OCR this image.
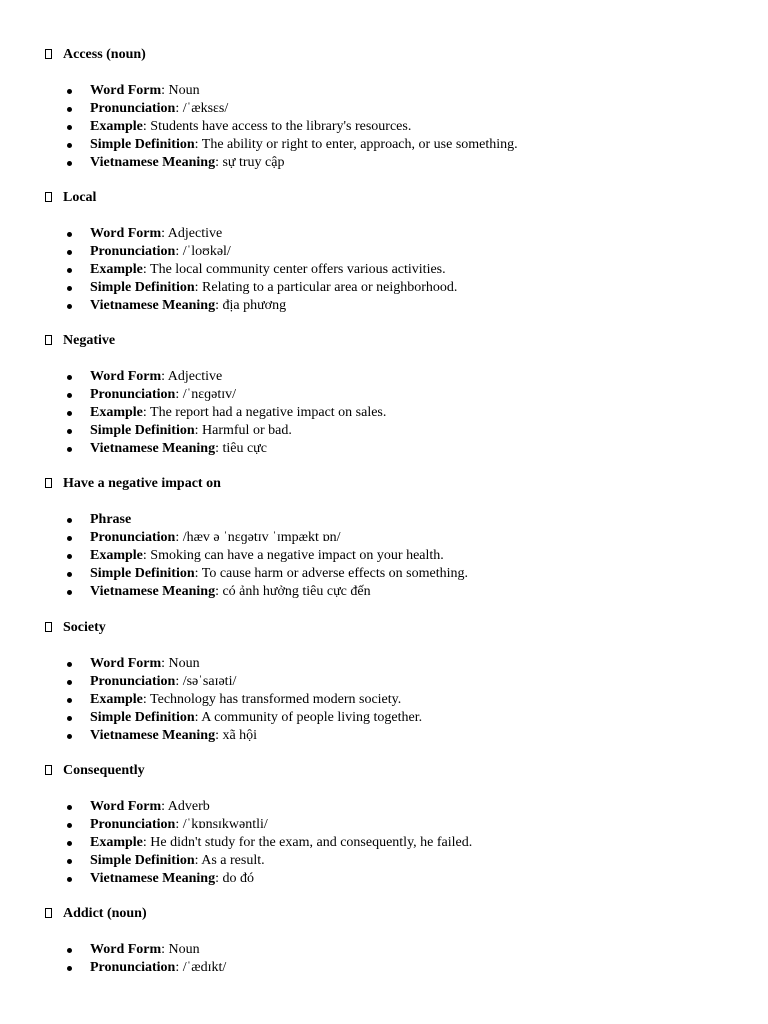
Access (noun)
Word Form: Noun
Pronunciation: /ˈæksɛs/
Example: Students have access to the library's resources.
Simple Definition: The ability or right to enter, approach, or use something.
Vietnamese Meaning: sự truy cập
Local
Word Form: Adjective
Pronunciation: /ˈloʊkəl/
Example: The local community center offers various activities.
Simple Definition: Relating to a particular area or neighborhood.
Vietnamese Meaning: địa phương
Negative
Word Form: Adjective
Pronunciation: /ˈnɛɡətɪv/
Example: The report had a negative impact on sales.
Simple Definition: Harmful or bad.
Vietnamese Meaning: tiêu cực
Have a negative impact on
Phrase
Pronunciation: /hæv ə ˈnɛɡətɪv ˈɪmpækt ɒn/
Example: Smoking can have a negative impact on your health.
Simple Definition: To cause harm or adverse effects on something.
Vietnamese Meaning: có ảnh hưởng tiêu cực đến
Society
Word Form: Noun
Pronunciation: /səˈsaɪəti/
Example: Technology has transformed modern society.
Simple Definition: A community of people living together.
Vietnamese Meaning: xã hội
Consequently
Word Form: Adverb
Pronunciation: /ˈkɒnsɪkwəntli/
Example: He didn't study for the exam, and consequently, he failed.
Simple Definition: As a result.
Vietnamese Meaning: do đó
Addict (noun)
Word Form: Noun
Pronunciation: /ˈædɪkt/
